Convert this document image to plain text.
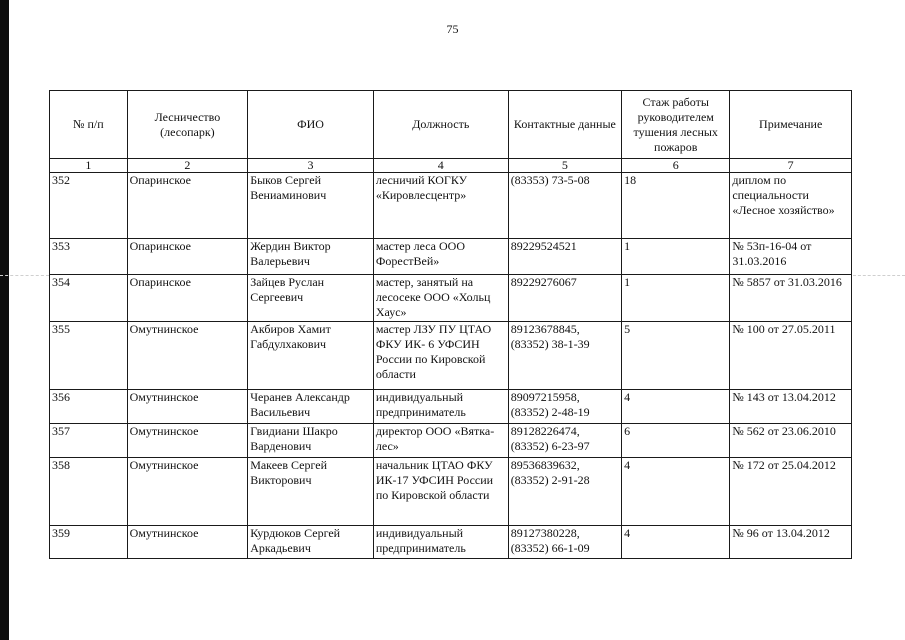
75
№ п/п	Лесничество (лесопарк)	ФИО	Должность	Контактные данные	Стаж работы руководителем тушения лесных пожаров	Примечание
1	2	3	4	5	6	7
352	Опаринское	Быков Сергей Вениаминович	лесничий КОГКУ «Кировлесцентр»	(83353) 73-5-08	18	диплом по специальности «Лесное хозяйство»
353	Опаринское	Жердин Виктор Валерьевич	мастер леса ООО ФорестВей»	89229524521	1	№ 53п-16-04 от 31.03.2016
354	Опаринское	Зайцев Руслан Сергеевич	мастер, занятый на лесосеке ООО «Хольц Хаус»	89229276067	1	№ 5857 от 31.03.2016
355	Омутнинское	Акбиров Хамит Габдулхакович	мастер ЛЗУ ПУ ЦТАО ФКУ ИК- 6 УФСИН России по Кировской области	89123678845, (83352) 38-1-39	5	№ 100 от 27.05.2011
356	Омутнинское	Черанев Александр Васильевич	индивидуальный предприниматель	89097215958, (83352) 2-48-19	4	№ 143 от 13.04.2012
357	Омутнинское	Гвидиани Шакро Варденович	директор ООО «Вятка-лес»	89128226474, (83352) 6-23-97	6	№ 562 от 23.06.2010
358	Омутнинское	Макеев Сергей Викторович	начальник ЦТАО ФКУ ИК-17 УФСИН России по Кировской области	89536839632, (83352) 2-91-28	4	№ 172 от 25.04.2012
359	Омутнинское	Курдюков Сергей Аркадьевич	индивидуальный предприниматель	89127380228, (83352) 66-1-09	4	№ 96 от 13.04.2012
